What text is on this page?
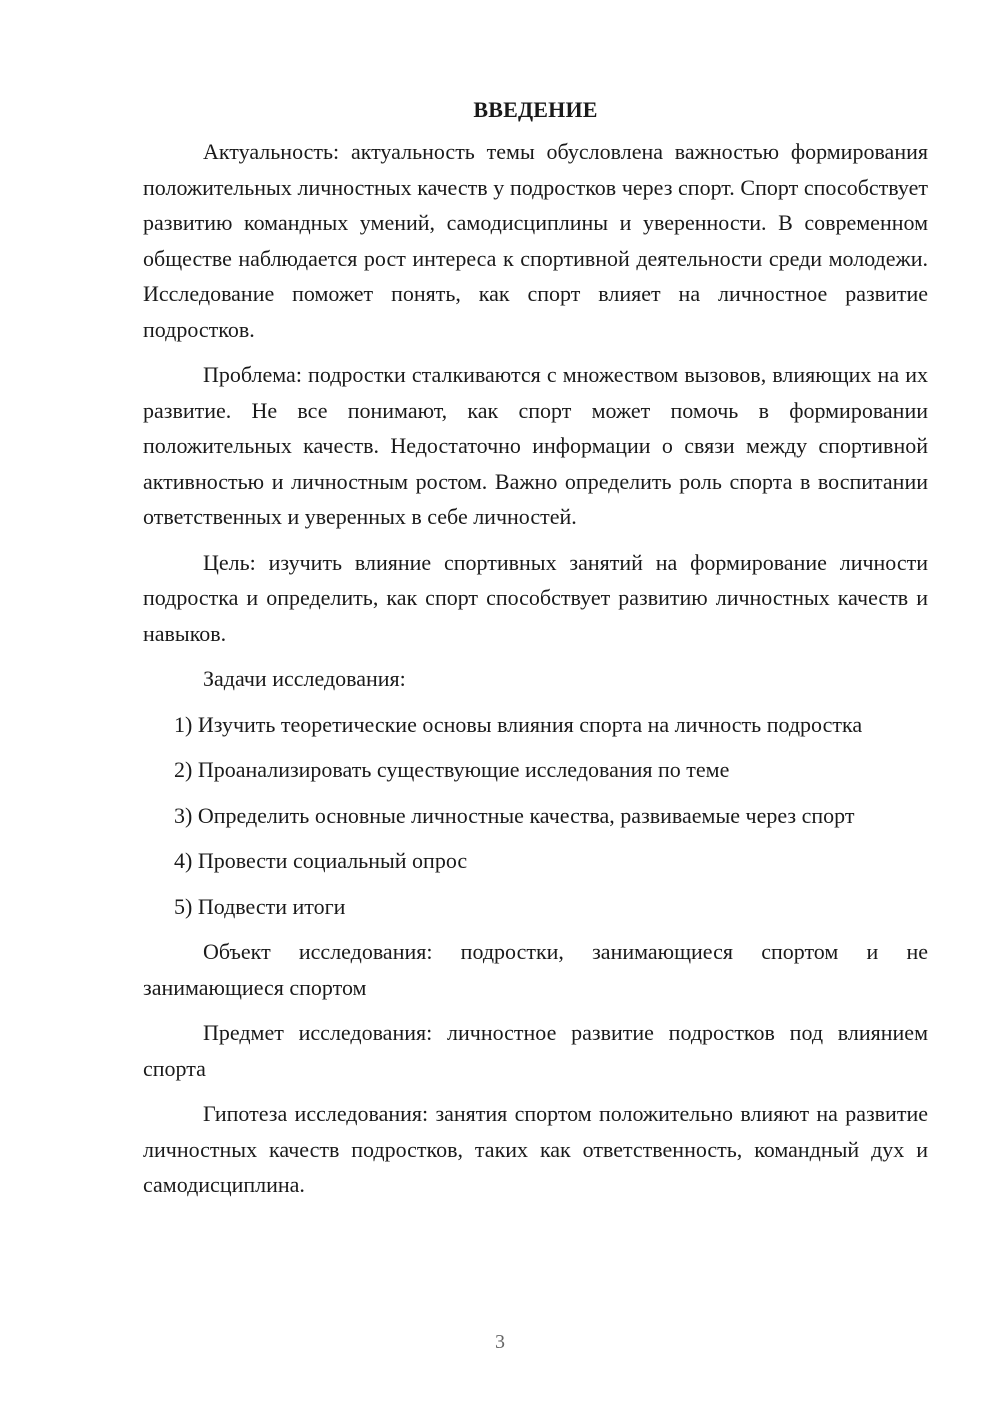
ВВЕДЕНИЕ

Актуальность: актуальность темы обусловлена важностью формирования положительных личностных качеств у подростков через спорт. Спорт способствует развитию командных умений, самодисциплины и уверенности. В современном обществе наблюдается рост интереса к спортивной деятельности среди молодежи. Исследование поможет понять, как спорт влияет на личностное развитие подростков.

Проблема: подростки сталкиваются с множеством вызовов, влияющих на их развитие. Не все понимают, как спорт может помочь в формировании положительных качеств. Недостаточно информации о связи между спортивной активностью и личностным ростом. Важно определить роль спорта в воспитании ответственных и уверенных в себе личностей.

Цель: изучить влияние спортивных занятий на формирование личности подростка и определить, как спорт способствует развитию личностных качеств и навыков.

Задачи исследования:

1) Изучить теоретические основы влияния спорта на личность подростка

2) Проанализировать существующие исследования по теме

3) Определить основные личностные качества, развиваемые через спорт

4) Провести социальный опрос

5) Подвести итоги

Объект исследования: подростки, занимающиеся спортом и не занимающиеся спортом

Предмет исследования: личностное развитие подростков под влиянием спорта

Гипотеза исследования: занятия спортом положительно влияют на развитие личностных качеств подростков, таких как ответственность, командный дух и самодисциплина.

3
